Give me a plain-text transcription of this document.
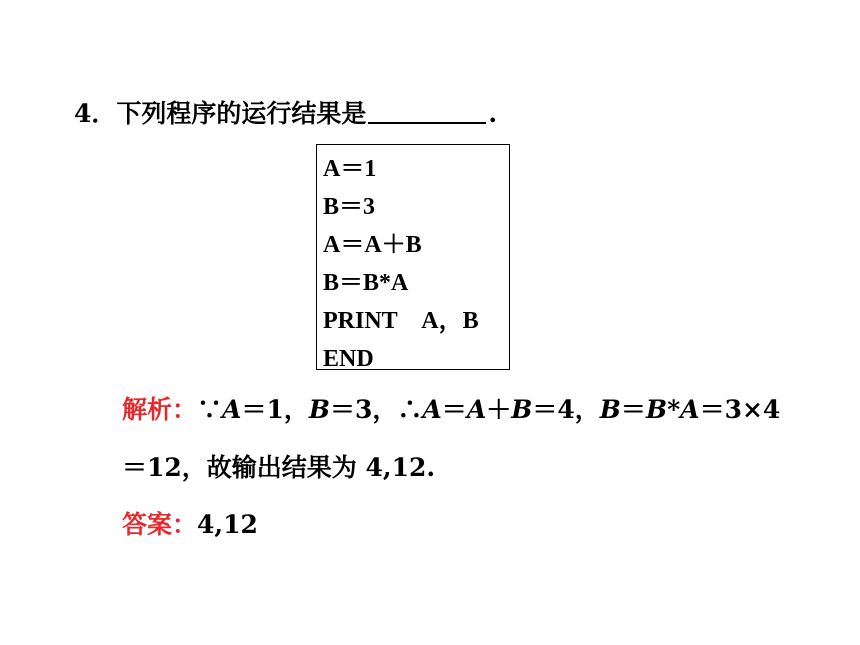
4．下列程序的运行结果是	.
A＝1
B＝3
A＝A＋B
B＝B*A
PRINT　A，B
END
解析：∵A＝1，B＝3，∴A＝A＋B＝4，B＝B*A＝3×4
＝12，故输出结果为 4,12.
答案：4,12
